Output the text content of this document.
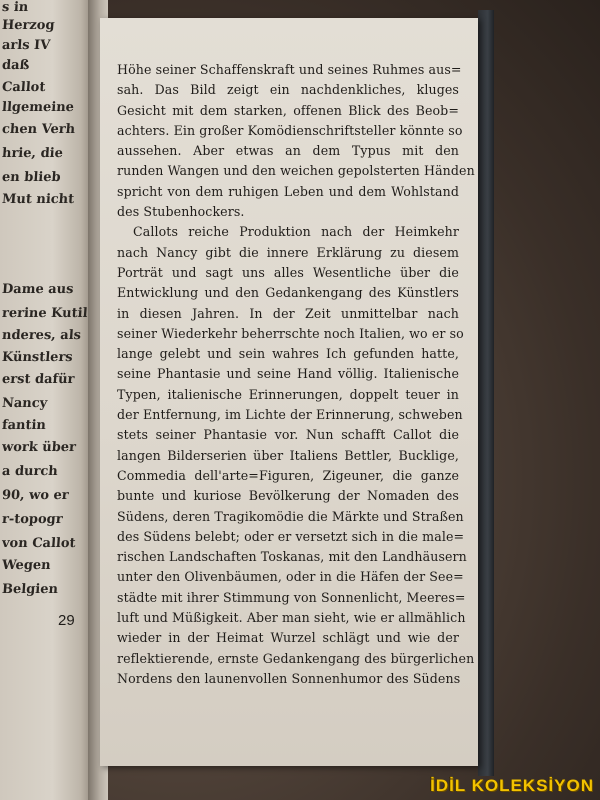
s in
Herzog
arls IV
daß
Callot
llgemeine
chen Verh
hrie, die
en blieb
Mut nicht
Dame aus
rerine Kutil
nderes, als
Künstlers
erst dafür
Nancy
fantin
work über
a durch
90, wo er
r-topogr
von Callot
Wegen
Belgien
Höhe seiner Schaffenskraft und seines Ruhmes aus=
sah. Das Bild zeigt ein nachdenkliches, kluges
Gesicht mit dem starken, offenen Blick des Beob=
achters. Ein großer Komödienschriftsteller könnte so
aussehen. Aber etwas an dem Typus mit den
runden Wangen und den weichen gepolsterten Händen
spricht von dem ruhigen Leben und dem Wohlstand
des Stubenhockers.
Callots reiche Produktion nach der Heimkehr
nach Nancy gibt die innere Erklärung zu diesem
Porträt und sagt uns alles Wesentliche über die
Entwicklung und den Gedankengang des Künstlers
in diesen Jahren. In der Zeit unmittelbar nach
seiner Wiederkehr beherrschte noch Italien, wo er so
lange gelebt und sein wahres Ich gefunden hatte,
seine Phantasie und seine Hand völlig. Italienische
Typen, italienische Erinnerungen, doppelt teuer in
der Entfernung, im Lichte der Erinnerung, schweben
stets seiner Phantasie vor. Nun schafft Callot die
langen Bilderserien über Italiens Bettler, Bucklige,
Commedia dell'arte=Figuren, Zigeuner, die ganze
bunte und kuriose Bevölkerung der Nomaden des
Südens, deren Tragikomödie die Märkte und Straßen
des Südens belebt; oder er versetzt sich in die male=
rischen Landschaften Toskanas, mit den Landhäusern
unter den Olivenbäumen, oder in die Häfen der See=
städte mit ihrer Stimmung von Sonnenlicht, Meeres=
luft und Müßigkeit. Aber man sieht, wie er allmählich
wieder in der Heimat Wurzel schlägt und wie der
reflektierende, ernste Gedankengang des bürgerlichen
Nordens den launenvollen Sonnenhumor des Südens
29
İDİL KOLEKSİYON
